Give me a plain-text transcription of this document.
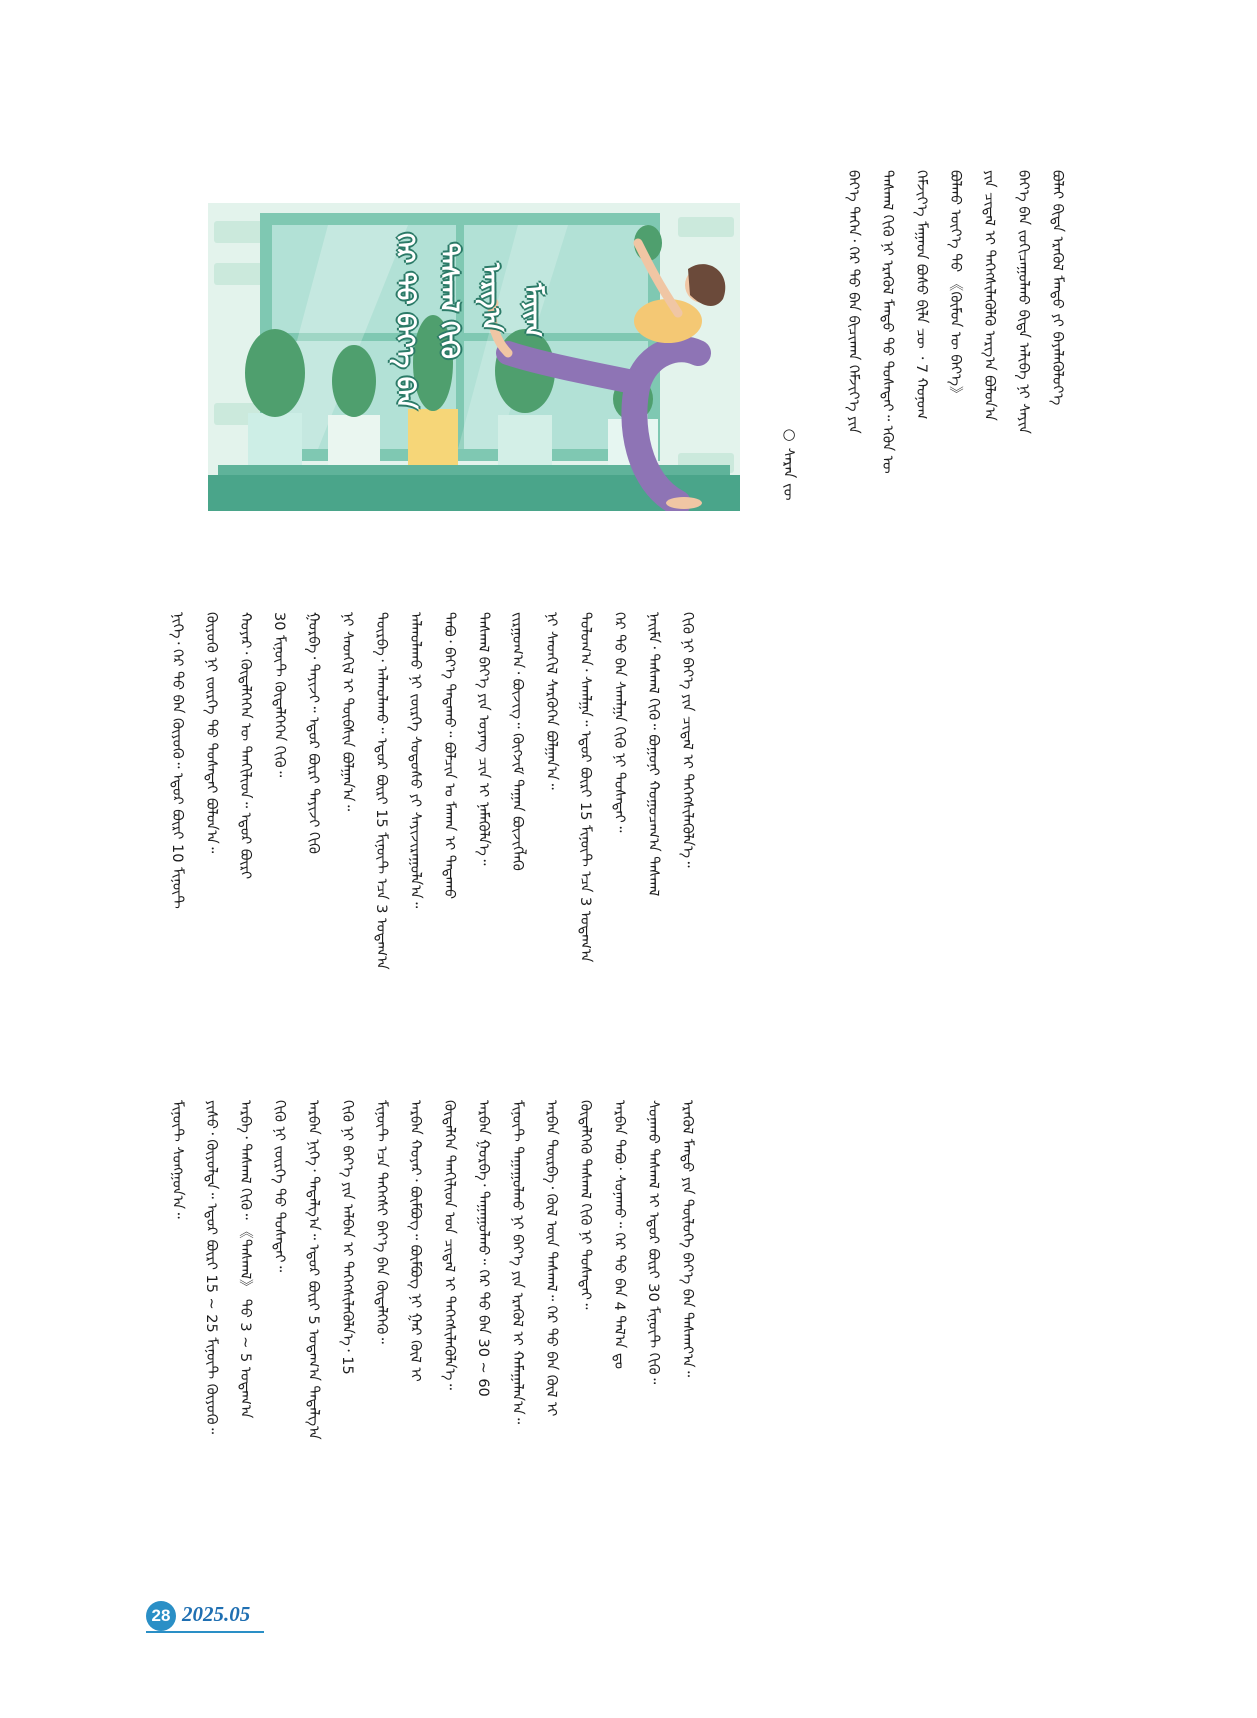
ᠭᠡᠷ ᠲᠦ᠍ ᠪᠡᠶ᠎ᠡ ᠪᠡᠨ ᠳᠠᠰᠭᠠᠯ ᠬᠢᠬᠦ ᠠᠷᠭ᠎ᠠ ᠮᠠᠶᠢᠭ	ᠪᠡᠶ᠎ᠡ ᠳᠡᠭᠡᠨ᠂ ᠭᠡᠷ ᠲᠦ᠍ ᠪᠡᠨ ᠪᠢᠴᠢᠬᠠᠨ ᠬᠡᠮᠵᠢᠶ᠎ᠡ ᠶᠢᠨ	ᠳᠠᠰᠬᠠᠯ ᠬᠢᠬᠦ ᠨᠢ ᠡᠷᠡᠭᠦᠯ ᠮᠡᠨᠳᠦ ᠳᠦ᠍ ᠲᠤᠰᠠᠲᠠᠢ᠃ ᠡᠭᠦᠨ ᠦ	ᠬᠡᠮᠵᠢᠶ᠎ᠡ ᠮᠠᠭᠠᠳ ᠪᠤᠰᠤ ᠪᠢᠯᠡ ᠴᠦ ᠂ 7 ᠬᠣᠨᠤᠭ	ᠪᠣᠯᠬᠤ ᠦᠶ᠎ᠡ ᠳᠦ᠍ 《ᠬᠦᠮᠦᠨ ᠦ ᠪᠡᠶ᠎ᠡ》	ᠶᠢᠨ ᠴᠢᠳᠠᠯ ᠢ ᠳᠡᠭᠡᠭᠰᠢᠯᠡᠭᠦᠯᠬᠦ ᠠᠷᠭ᠎ᠠ ᠪᠣᠯᠤᠨ᠎ᠠ	ᠪᠡᠶ᠎ᠡ ᠪᠡᠨ ᠵᠣᠬᠢᠴᠠᠭᠤᠯᠬᠤ ᠪᠢᠳᠡ ᠠᠯᠢᠪᠠ ᠨᠢ ᠰᠠᠶᠢᠨ	ᠪᠣᠯᠠᠢ ᠪᠢᠳᠡ ᠡᠷᠡᠭᠦᠯ ᠮᠡᠨᠳᠦ ᠶᠢ ᠪᠡᠶᠡᠯᠡᠭᠦᠯᠦᠶ᠎ᠡ

○ ᠰᠠᠷᠠᠨ ᠵᠦ

ᠨᠢᠭᠡ᠂ ᠭᠡᠷ ᠲᠦ᠍ ᠪᠡᠨ ᠭᠦᠶᠦᠬᠦ᠃ ᠡᠳᠦᠷ ᠪᠦᠷᠢ 10 ᠮᠢᠨᠦ᠋ᠲ	ᠭᠦᠶᠦᠬᠦ ᠨᠢ ᠵᠦᠷᠬᠡ ᠳᠦ᠍ ᠲᠤᠰᠠᠲᠠᠢ ᠪᠣᠯᠤᠨ᠎ᠠ᠃	ᠬᠣᠶᠠᠷ᠂ ᠬᠦᠳᠡᠯᠭᠡᠭᠡᠨ ᠦ ᠲᠠᠨᠭᠢᠯᠢᠳ᠃ ᠡᠳᠦᠷ ᠪᠦᠷᠢ	30 ᠮᠢᠨᠦ᠋ᠲ ᠬᠦᠳᠡᠯᠭᠡᠭᠡᠨ ᠬᠢᠬᠦ᠃	ᠭᠤᠷᠪᠠ᠂ ᠲᠠᠶᠢᠵᠢ᠃ ᠡᠳᠦᠷ ᠪᠦᠷᠢ ᠲᠠᠶᠢᠵᠢ ᠬᠢᠬᠦ	ᠨᠢ ᠰᠡᠳᠬᠢᠯ ᠢ ᠲᠦᠪᠰᠢᠨ ᠪᠣᠯᠭᠠᠨ᠎ᠠ᠃	ᠳᠥᠷᠪᠡ᠂ ᠠᠯᠬᠤᠯᠠᠬᠤ᠃ ᠡᠳᠦᠷ ᠪᠦᠷᠢ 15 ᠮᠢᠨᠦ᠋ᠲ ᠡᠴᠡ 3 ᠤᠳᠠᠭ᠎ᠠ	ᠠᠯᠬᠤᠯᠠᠬᠤ ᠨᠢ ᠵᠦᠷᠬᠡ ᠰᠤᠳᠤᠰᠤ ᠶᠢ ᠰᠠᠶᠢᠵᠢᠷᠠᠭᠤᠯᠨ᠎ᠠ᠃	ᠲᠠᠪᠤ᠂ ᠪᠡᠶ᠎ᠡ ᠲᠠᠲᠠᠬᠤ᠃ ᠪᠤᠯᠴᠢᠨ ᠤ ᠮᠠᠬᠠᠨ ᠢ ᠲᠠᠲᠠᠬᠤ	ᠳᠠᠰᠬᠠᠯ ᠪᠡᠶ᠎ᠡ ᠶᠢᠨ ᠤᠶᠠᠩ ᠴᠢᠨ ᠢ ᠨᠡᠮᠡᠭᠦᠯᠨ᠎ᠡ᠃	ᠵᠢᠷᠭᠤᠭ᠎ᠠ᠂ ᠪᠦᠵᠢᠭ᠃ ᠬᠦᠭᠵᠢᠮ ᠳᠠᠭᠠᠨ ᠪᠦᠵᠢᠭᠯᠡᠬᠦ	ᠨᠢ ᠰᠡᠳᠬᠢᠯ ᠰᠡᠷᠭᠦᠭᠡᠨ ᠪᠣᠯᠭᠠᠨ᠎ᠠ᠃	ᠳᠣᠯᠤᠭ᠎ᠠ᠂ ᠰᠭᠠᠯᠭᠠ᠃ ᠡᠳᠦᠷ ᠪᠦᠷᠢ 15 ᠮᠢᠨᠦ᠋ᠲ ᠡᠴᠡ 3 ᠤᠳᠠᠭ᠎ᠠ	ᠭᠡᠷ ᠲᠦ᠍ ᠪᠡᠨ ᠰᠭᠠᠯᠭᠠ ᠬᠢᠬᠦ ᠨᠢ ᠲᠤᠰᠠᠲᠠᠢ᠃	ᠨᠠᠢᠮᠠ᠂ ᠳᠠᠰᠭᠠᠯ ᠬᠢᠬᠦ᠃ ᠪᠣᠭᠤᠨᠢ ᠬᠤᠭᠤᠴᠠᠭ᠎ᠠ ᠳᠠᠰᠭᠠᠯ	ᠬᠢᠬᠦ ᠨᠢ ᠪᠡᠶ᠎ᠡ ᠶᠢᠨ ᠴᠢᠳᠠᠯ ᠢ ᠳᠡᠭᠡᠭᠰᠢᠯᠡᠭᠦᠯᠨ᠎ᠡ᠃

ᠮᠢᠨᠦ᠋ᠲ ᠰᠤᠩᠭᠤᠨ᠎ᠠ᠃	ᠶᠢᠰᠦ᠂ ᠭᠦᠶᠦᠯᠲᠡ᠃ ᠡᠳᠦᠷ ᠪᠦᠷᠢ 15 ~ 25 ᠮᠢᠨᠦ᠋ᠲ ᠭᠦᠶᠦᠬᠦ᠃	ᠠᠷᠪᠠ᠂ ᠳᠠᠰᠭᠠᠯ ᠬᠢᠬᠦ᠃ 《ᠳᠠᠰᠭᠠᠯ》 ᠳᠦ᠍ 3 ~ 5 ᠤᠳᠠᠭ᠎ᠠ	ᠬᠢᠬᠦ ᠨᠢ ᠵᠦᠷᠬᠡ ᠳᠦ᠍ ᠲᠤᠰᠠᠲᠠᠢ᠃	ᠠᠷᠪᠠᠨ ᠨᠢᠭᠡ᠂ ᠲᠠᠲᠠᠯᠭ᠎ᠠ᠃ ᠡᠳᠦᠷ ᠪᠦᠷᠢ 5 ᠤᠳᠠᠭ᠎ᠠ ᠲᠠᠲᠠᠯᠭ᠎ᠠ	ᠬᠢᠬᠦ ᠨᠢ ᠪᠡᠶ᠎ᠡ ᠶᠢᠨ ᠠᠯᠪᠠᠨ ᠢ ᠳᠡᠭᠡᠭᠰᠢᠯᠡᠭᠦᠯᠨ᠎ᠡ᠂ 15	ᠮᠢᠨᠦ᠋ᠲ ᠡᠴᠡ ᠳᠡᠭᠡᠭᠰᠢ ᠪᠡᠶ᠎ᠡ ᠪᠡᠨ ᠬᠥᠳᠡᠯᠭᠡᠬᠦ᠃	ᠠᠷᠪᠠᠨ ᠬᠣᠶᠠᠷ᠂ ᠪᠥᠮᠪᠥᠭ᠃ ᠪᠥᠮᠪᠥᠭ ᠨᠢ ᠭᠠᠷ ᠬᠥᠯ ᠢ	ᠬᠥᠳᠡᠯᠭᠡᠨ ᠲᠠᠨᠭᠢᠯᠢᠳ ᠤᠨ ᠴᠢᠳᠠᠯ ᠢ ᠳᠡᠭᠡᠭᠰᠢᠯᠡᠭᠦᠯᠨ᠎ᠡ᠃	ᠠᠷᠪᠠᠨ ᠭᠤᠷᠪᠠ᠂ ᠳᠠᠭᠠᠭᠤᠯᠬᠤ᠃ ᠭᠡᠷ ᠲᠦ᠍ ᠪᠡᠨ 30 ~ 60	ᠮᠢᠨᠦ᠋ᠲ ᠳᠠᠭᠠᠭᠤᠯᠬᠤ ᠨᠢ ᠪᠡᠶ᠎ᠡ ᠶᠢᠨ ᠡᠷᠡᠭᠦᠯ ᠢ ᠬᠠᠮᠠᠭᠠᠯᠠᠨ᠎ᠠ᠃	ᠠᠷᠪᠠᠨ ᠳᠥᠷᠪᠡ᠂ ᠬᠥᠯ ᠦᠨ ᠳᠠᠰᠭᠠᠯ᠃ ᠭᠡᠷ ᠲᠦ᠍ ᠪᠡᠨ ᠬᠥᠯ ᠢ	ᠬᠥᠳᠡᠯᠭᠡᠬᠦ ᠳᠠᠰᠭᠠᠯ ᠬᠢᠬᠦ ᠨᠢ ᠲᠤᠰᠠᠲᠠᠢ᠃	ᠠᠷᠪᠠᠨ ᠲᠠᠪᠤ᠂ ᠰᠤᠨᠠᠬᠤ᠃ ᠭᠡᠷ ᠲᠦ᠍ ᠪᠡᠨ 4 ᠲᠠᠯ᠎ᠠ ᠳᠤ	ᠰᠤᠨᠠᠬᠤ ᠳᠠᠰᠭᠠᠯ ᠢ ᠡᠳᠦᠷ ᠪᠦᠷᠢ 30 ᠮᠢᠨᠦ᠋ᠲ ᠬᠢᠬᠦ᠃	ᠡᠷᠡᠭᠦᠯ ᠮᠡᠨᠳᠦ ᠶᠢᠨ ᠲᠦᠯᠦᠭᠡ ᠪᠡᠶ᠎ᠡ ᠪᠡᠨ ᠳᠠᠰᠭᠠᠶ᠎ᠠ᠃

28 2025.05
